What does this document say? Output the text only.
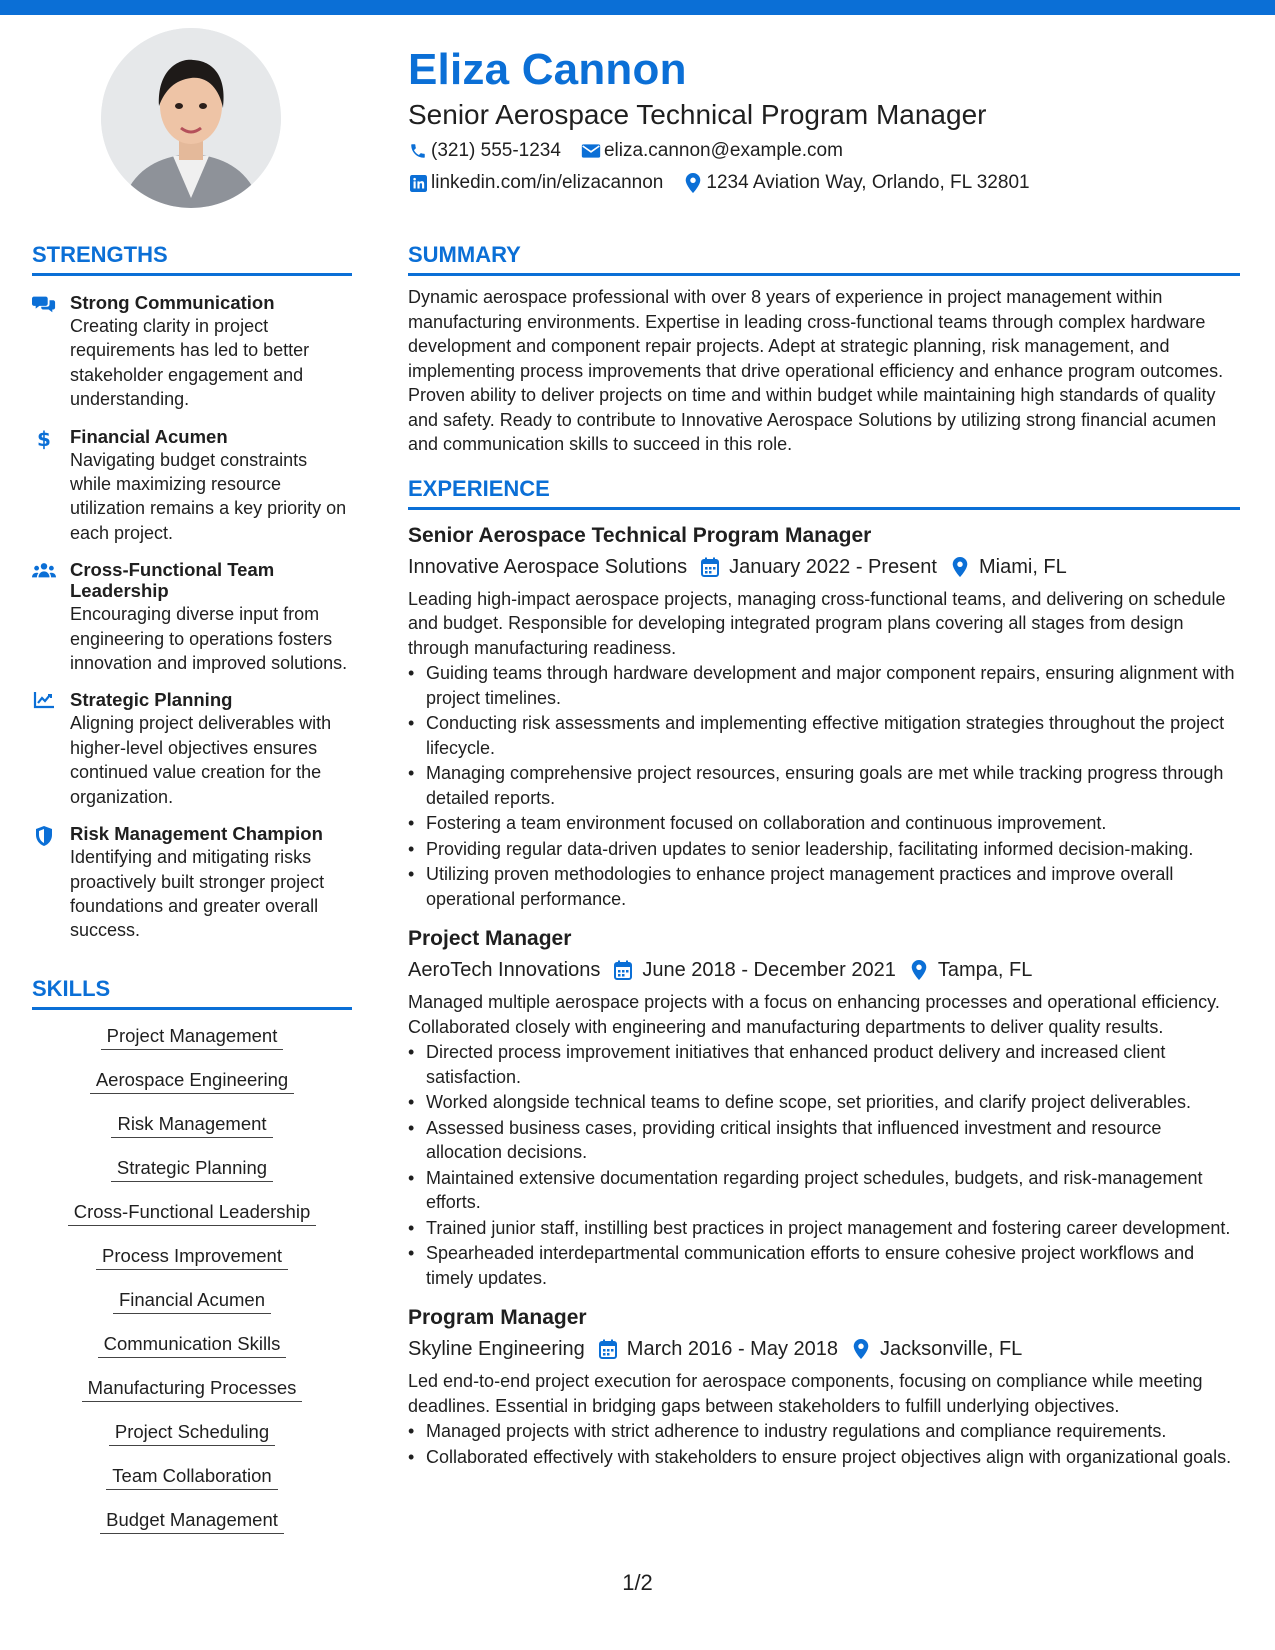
Eliza Cannon
Senior Aerospace Technical Program Manager
(321) 555-1234 eliza.cannon@example.com
linkedin.com/in/elizacannon 1234 Aviation Way, Orlando, FL 32801
STRENGTHS
Strong Communication
Creating clarity in project requirements has led to better stakeholder engagement and understanding.
$ Financial Acumen
Navigating budget constraints while maximizing resource utilization remains a key priority on each project.
Cross-Functional Team Leadership
Encouraging diverse input from engineering to operations fosters innovation and improved solutions.
Strategic Planning
Aligning project deliverables with higher-level objectives ensures continued value creation for the organization.
Risk Management Champion
Identifying and mitigating risks proactively built stronger project foundations and greater overall success.
SKILLS
Project Management
Aerospace Engineering
Risk Management
Strategic Planning
Cross-Functional Leadership
Process Improvement
Financial Acumen
Communication Skills
Manufacturing Processes
Project Scheduling
Team Collaboration
Budget Management
SUMMARY
Dynamic aerospace professional with over 8 years of experience in project management within manufacturing environments. Expertise in leading cross-functional teams through complex hardware development and component repair projects. Adept at strategic planning, risk management, and implementing process improvements that drive operational efficiency and enhance program outcomes. Proven ability to deliver projects on time and within budget while maintaining high standards of quality and safety. Ready to contribute to Innovative Aerospace Solutions by utilizing strong financial acumen and communication skills to succeed in this role.
EXPERIENCE
Senior Aerospace Technical Program Manager
Innovative Aerospace Solutions January 2022 - Present Miami, FL
Leading high-impact aerospace projects, managing cross-functional teams, and delivering on schedule and budget. Responsible for developing integrated program plans covering all stages from design through manufacturing readiness.
• Guiding teams through hardware development and major component repairs, ensuring alignment with project timelines.
• Conducting risk assessments and implementing effective mitigation strategies throughout the project lifecycle.
• Managing comprehensive project resources, ensuring goals are met while tracking progress through detailed reports.
• Fostering a team environment focused on collaboration and continuous improvement.
• Providing regular data-driven updates to senior leadership, facilitating informed decision-making.
• Utilizing proven methodologies to enhance project management practices and improve overall operational performance.
Project Manager
AeroTech Innovations June 2018 - December 2021 Tampa, FL
Managed multiple aerospace projects with a focus on enhancing processes and operational efficiency. Collaborated closely with engineering and manufacturing departments to deliver quality results.
• Directed process improvement initiatives that enhanced product delivery and increased client satisfaction.
• Worked alongside technical teams to define scope, set priorities, and clarify project deliverables.
• Assessed business cases, providing critical insights that influenced investment and resource allocation decisions.
• Maintained extensive documentation regarding project schedules, budgets, and risk-management efforts.
• Trained junior staff, instilling best practices in project management and fostering career development.
• Spearheaded interdepartmental communication efforts to ensure cohesive project workflows and timely updates.
Program Manager
Skyline Engineering March 2016 - May 2018 Jacksonville, FL
Led end-to-end project execution for aerospace components, focusing on compliance while meeting deadlines. Essential in bridging gaps between stakeholders to fulfill underlying objectives.
• Managed projects with strict adherence to industry regulations and compliance requirements.
• Collaborated effectively with stakeholders to ensure project objectives align with organizational goals.
1/2
